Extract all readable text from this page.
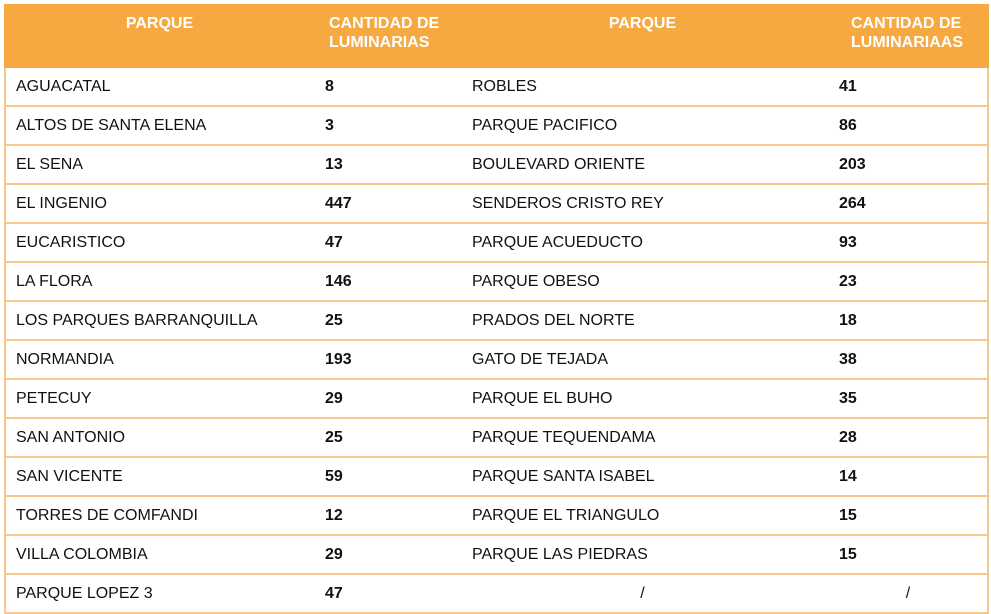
PARQUE	CANTIDAD DE LUMINARIAS	PARQUE	CANTIDAD DE LUMINARIAAS
AGUACATAL	8	ROBLES	41
ALTOS DE SANTA ELENA	3	PARQUE PACIFICO	86
EL SENA	13	BOULEVARD ORIENTE	203
EL INGENIO	447	SENDEROS CRISTO REY	264
EUCARISTICO	47	PARQUE ACUEDUCTO	93
LA FLORA	146	PARQUE OBESO	23
LOS PARQUES BARRANQUILLA	25	PRADOS DEL NORTE	18
NORMANDIA	193	GATO DE TEJADA	38
PETECUY	29	PARQUE EL BUHO	35
SAN ANTONIO	25	PARQUE TEQUENDAMA	28
SAN VICENTE	59	PARQUE SANTA ISABEL	14
TORRES DE COMFANDI	12	PARQUE EL TRIANGULO	15
VILLA COLOMBIA	29	PARQUE LAS PIEDRAS	15
PARQUE LOPEZ 3	47	/	/
